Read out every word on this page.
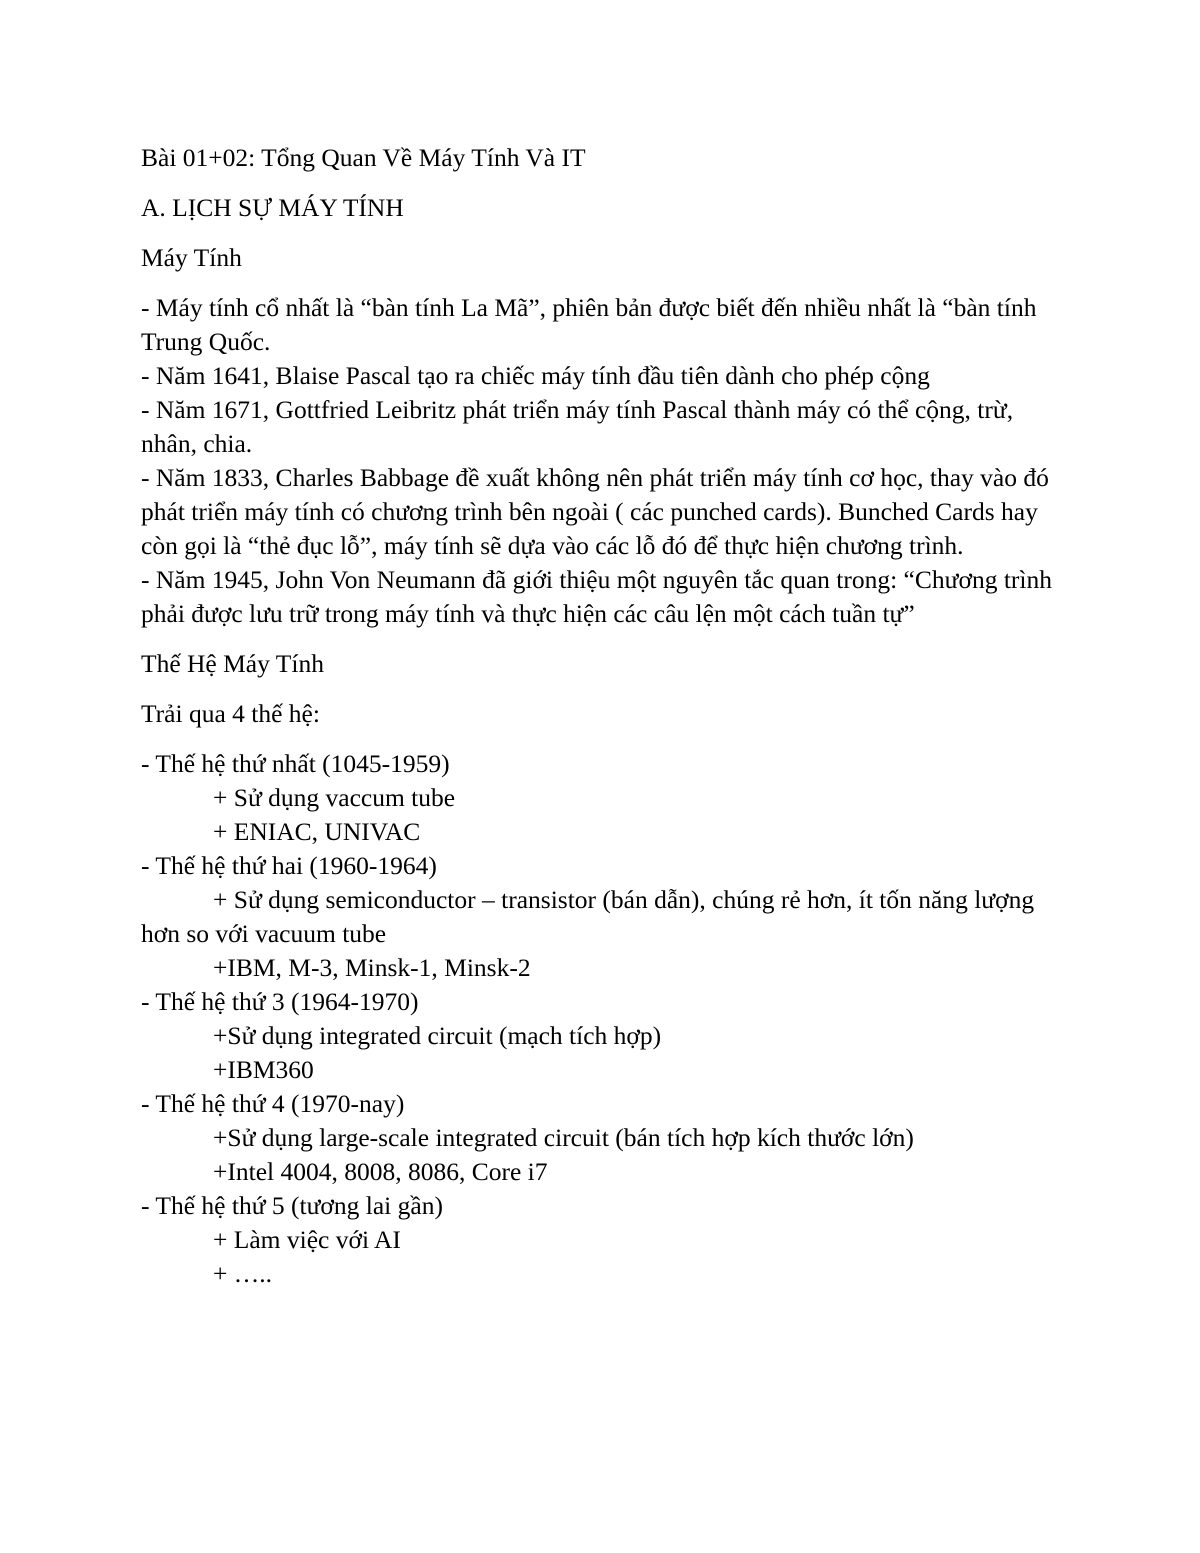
Bài 01+02: Tổng Quan Về Máy Tính Và IT

A. LỊCH SỰ MÁY TÍNH

Máy Tính

- Máy tính cổ nhất là “bàn tính La Mã”, phiên bản được biết đến nhiều nhất là “bàn tính Trung Quốc.

- Năm 1641, Blaise Pascal tạo ra chiếc máy tính đầu tiên dành cho phép cộng

- Năm 1671, Gottfried Leibritz phát triển máy tính Pascal thành máy có thể cộng, trừ, nhân, chia.

- Năm 1833, Charles Babbage đề xuất không nên phát triển máy tính cơ học, thay vào đó phát triển máy tính có chương trình bên ngoài ( các punched cards). Bunched Cards hay còn gọi là “thẻ đục lỗ”, máy tính sẽ dựa vào các lỗ đó để thực hiện chương trình.

- Năm 1945, John Von Neumann đã giới thiệu một nguyên tắc quan trong: “Chương trình phải được lưu trữ trong máy tính và thực hiện các câu lện một cách tuần tự”

Thế Hệ Máy Tính

Trải qua 4 thế hệ:

- Thế hệ thứ nhất (1045-1959)

+ Sử dụng vaccum tube

+ ENIAC, UNIVAC

- Thế hệ thứ hai (1960-1964)

+ Sử dụng semiconductor – transistor (bán dẫn), chúng rẻ hơn, ít tốn năng lượng hơn so với vacuum tube

+IBM, M-3, Minsk-1, Minsk-2

- Thế hệ thứ 3 (1964-1970)

+Sử dụng integrated circuit (mạch tích hợp)

+IBM360

- Thế hệ thứ 4 (1970-nay)

+Sử dụng large-scale integrated circuit (bán tích hợp kích thước lớn)

+Intel 4004, 8008, 8086, Core i7

- Thế hệ thứ 5 (tương lai gần)

+ Làm việc với AI

+ …..
